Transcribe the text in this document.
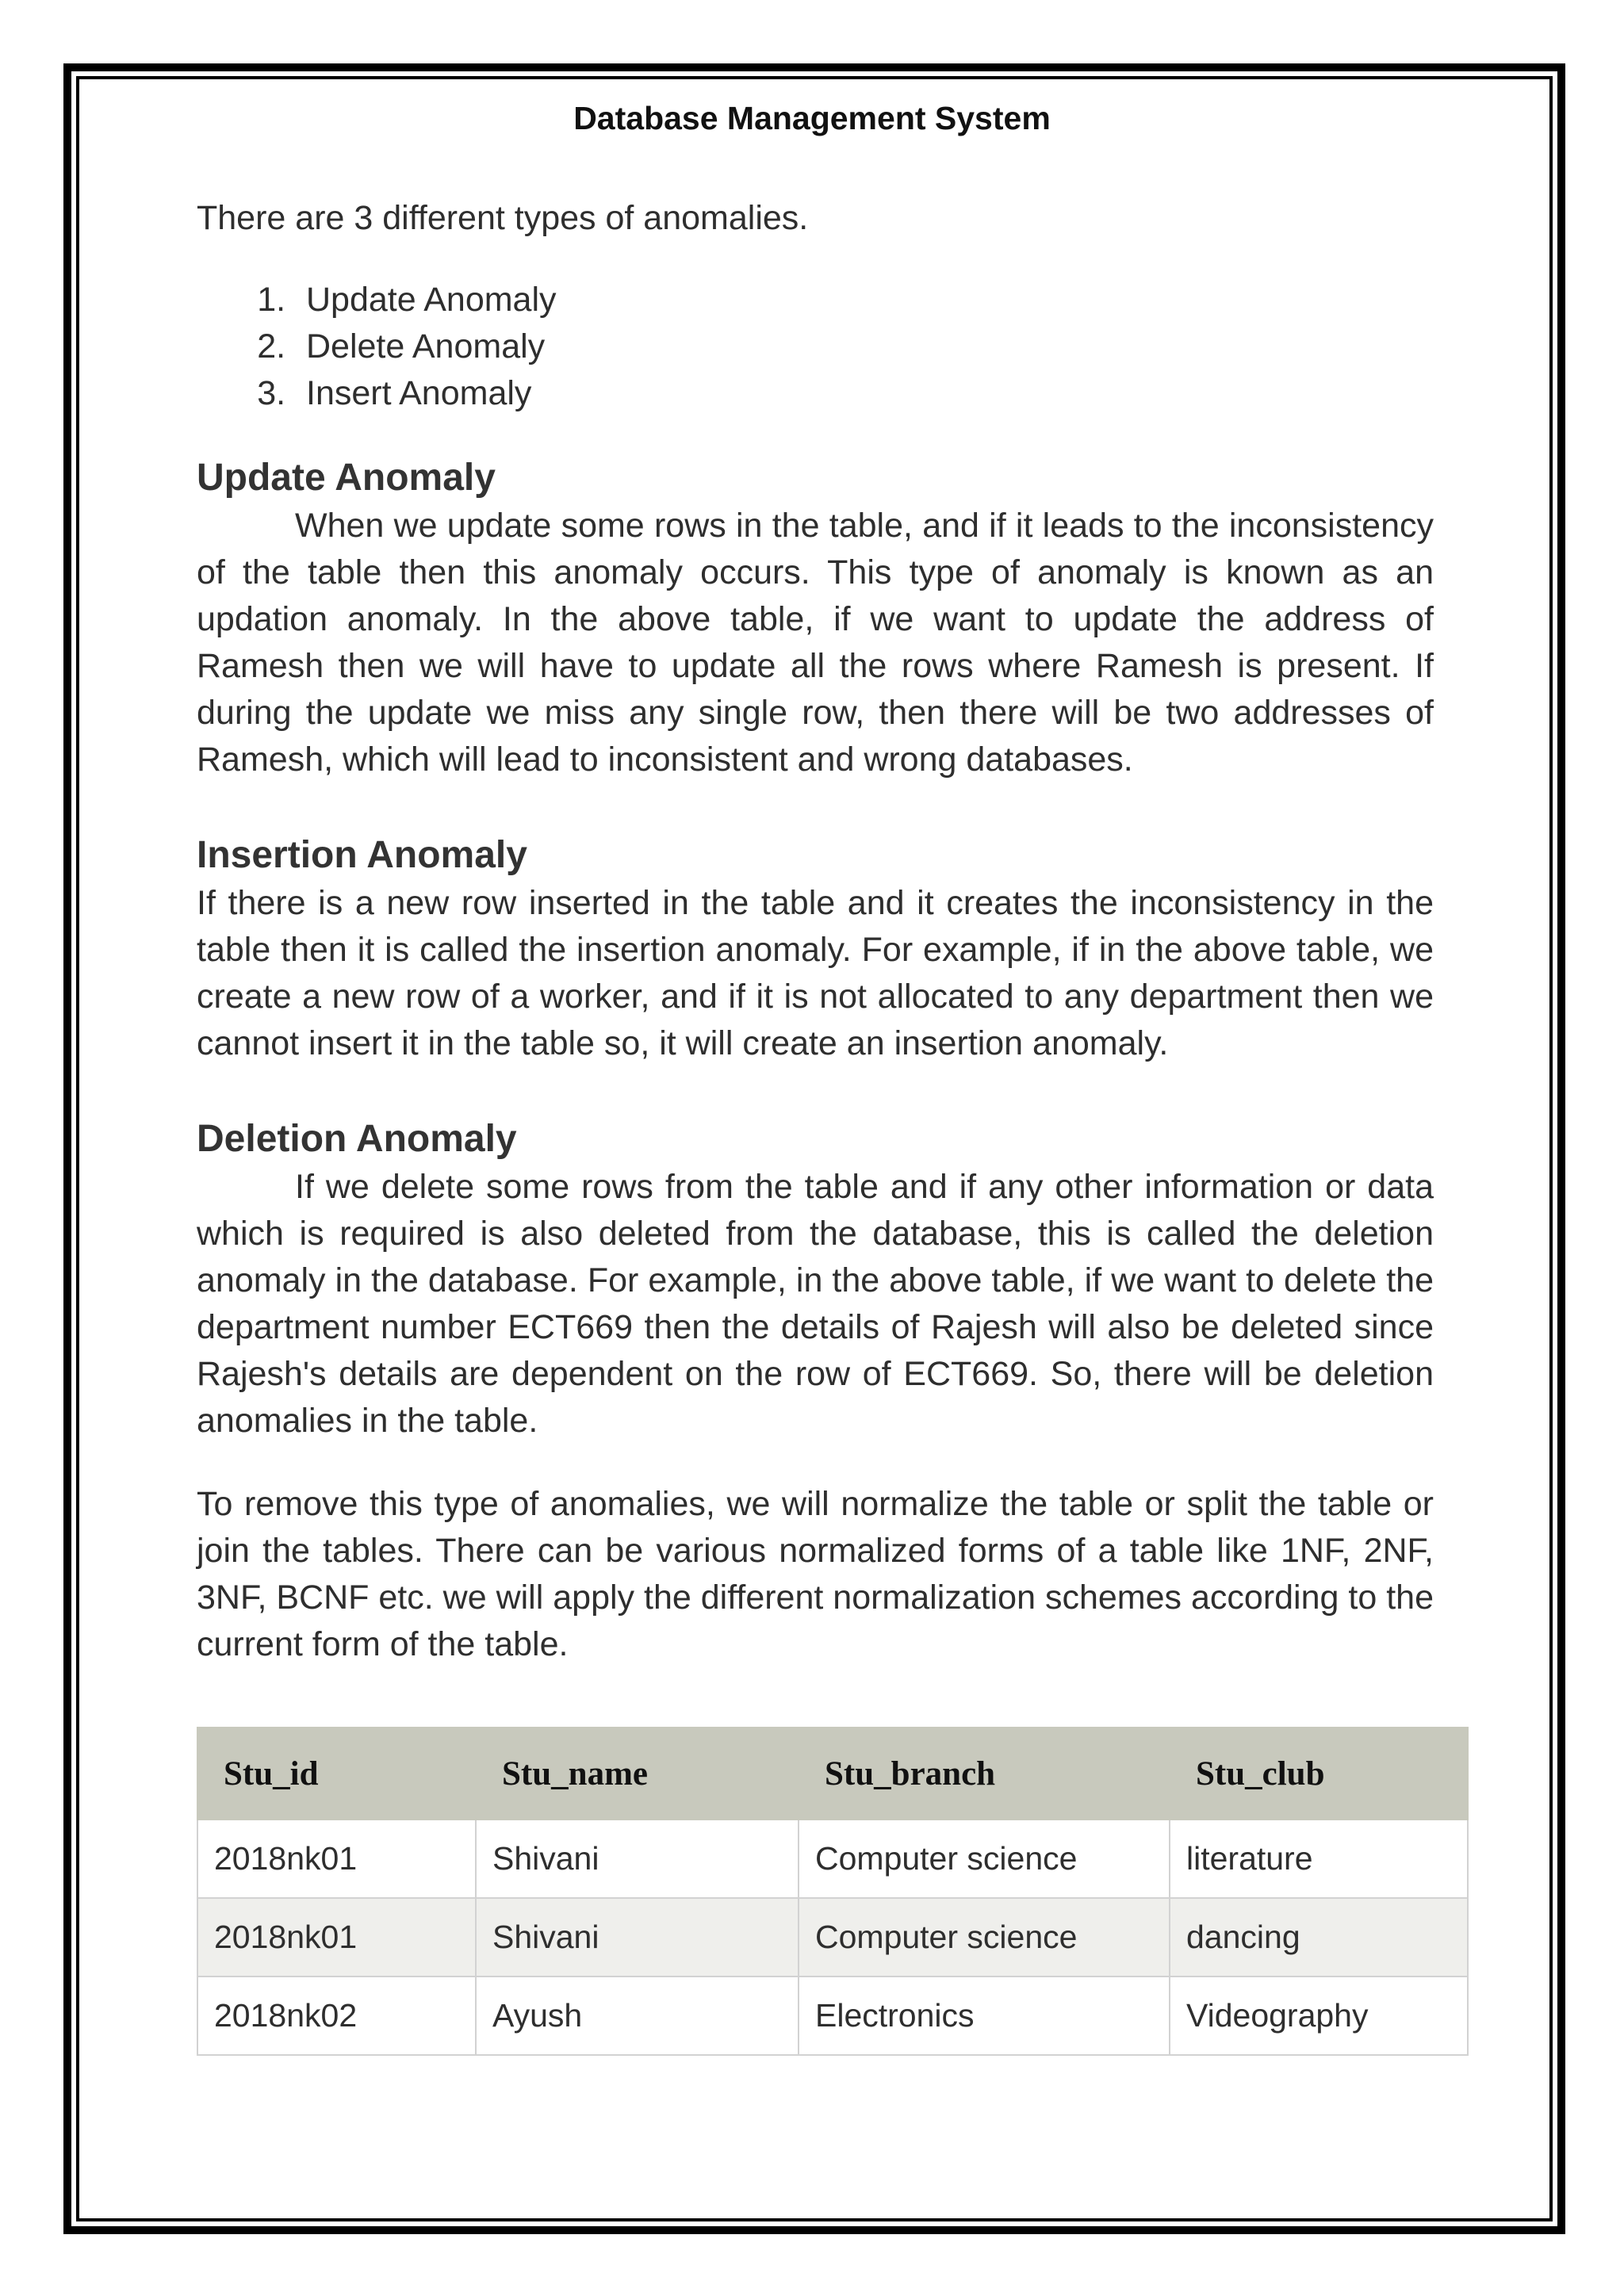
Database Management System

There are 3 different types of anomalies.

1. Update Anomaly
2. Delete Anomaly
3. Insert Anomaly
Update Anomaly

When we update some rows in the table, and if it leads to the inconsistency of the table then this anomaly occurs. This type of anomaly is known as an updation anomaly. In the above table, if we want to update the address of Ramesh then we will have to update all the rows where Ramesh is present. If during the update we miss any single row, then there will be two addresses of Ramesh, which will lead to inconsistent and wrong databases.

Insertion Anomaly

If there is a new row inserted in the table and it creates the inconsistency in the table then it is called the insertion anomaly. For example, if in the above table, we create a new row of a worker, and if it is not allocated to any department then we cannot insert it in the table so, it will create an insertion anomaly.

Deletion Anomaly

If we delete some rows from the table and if any other information or data which is required is also deleted from the database, this is called the deletion anomaly in the database. For example, in the above table, if we want to delete the department number ECT669 then the details of Rajesh will also be deleted since Rajesh's details are dependent on the row of ECT669. So, there will be deletion anomalies in the table.

To remove this type of anomalies, we will normalize the table or split the table or join the tables. There can be various normalized forms of a table like 1NF, 2NF, 3NF, BCNF etc. we will apply the different normalization schemes according to the current form of the table.

Stu_id	Stu_name	Stu_branch	Stu_club
2018nk01	Shivani	Computer science	literature
2018nk01	Shivani	Computer science	dancing
2018nk02	Ayush	Electronics	Videography
